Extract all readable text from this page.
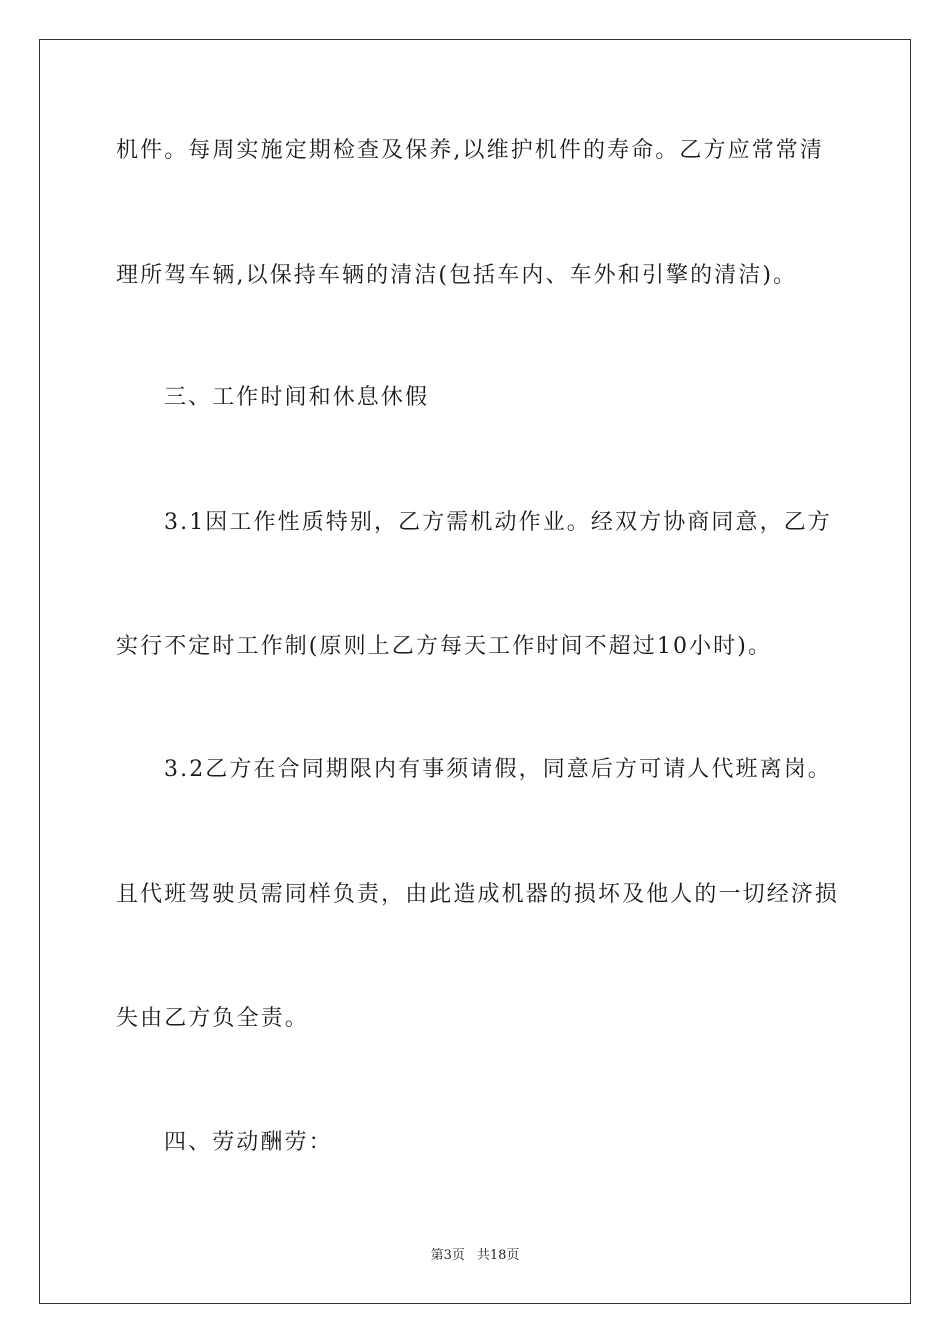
机件。每周实施定期检查及保养,以维护机件的寿命。乙方应常常清
理所驾车辆,以保持车辆的清洁(包括车内、车外和引擎的清洁)。
三、工作时间和休息休假
3.1因工作性质特别，乙方需机动作业。经双方协商同意，乙方
实行不定时工作制(原则上乙方每天工作时间不超过10小时)。
3.2乙方在合同期限内有事须请假，同意后方可请人代班离岗。
且代班驾驶员需同样负责，由此造成机器的损坏及他人的一切经济损
失由乙方负全责。
四、劳动酬劳：
第3页 共18页
